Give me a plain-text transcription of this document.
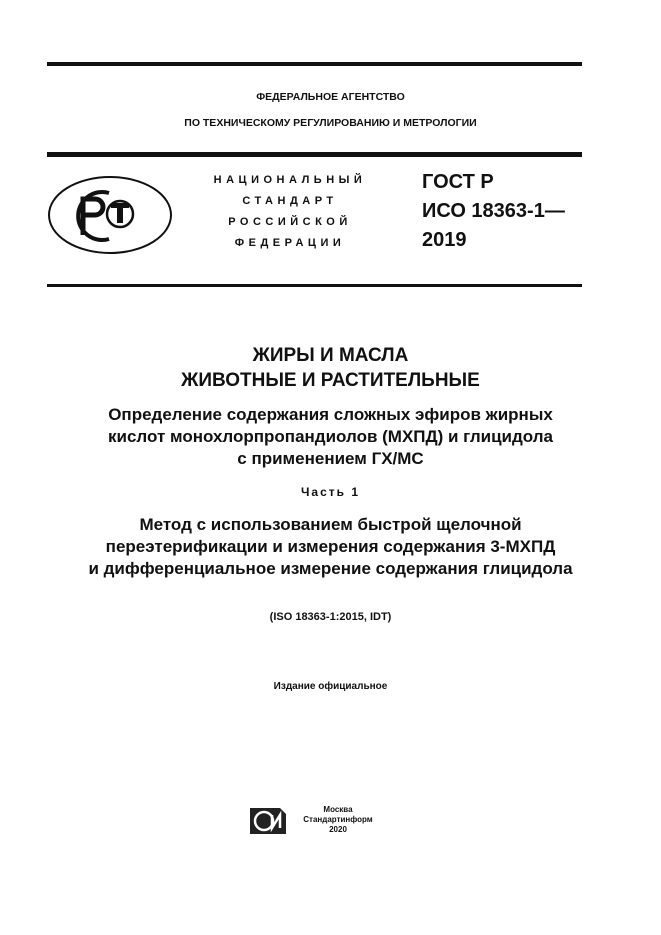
ФЕДЕРАЛЬНОЕ АГЕНТСТВО
ПО ТЕХНИЧЕСКОМУ РЕГУЛИРОВАНИЮ И МЕТРОЛОГИИ
НАЦИОНАЛЬНЫЙ
СТАНДАРТ
РОССИЙСКОЙ
ФЕДЕРАЦИИ
ГОСТ Р
ИСО 18363-1—
2019
ЖИРЫ И МАСЛА
ЖИВОТНЫЕ И РАСТИТЕЛЬНЫЕ
Определение содержания сложных эфиров жирных
кислот монохлорпропандиолов (МХПД) и глицидола
с применением ГХ/МС
Часть 1
Метод с использованием быстрой щелочной
переэтерификации и измерения содержания 3-МХПД
и дифференциальное измерение содержания глицидола
(ISO 18363-1:2015, IDT)
Издание официальное
Москва
Стандартинформ
2020
